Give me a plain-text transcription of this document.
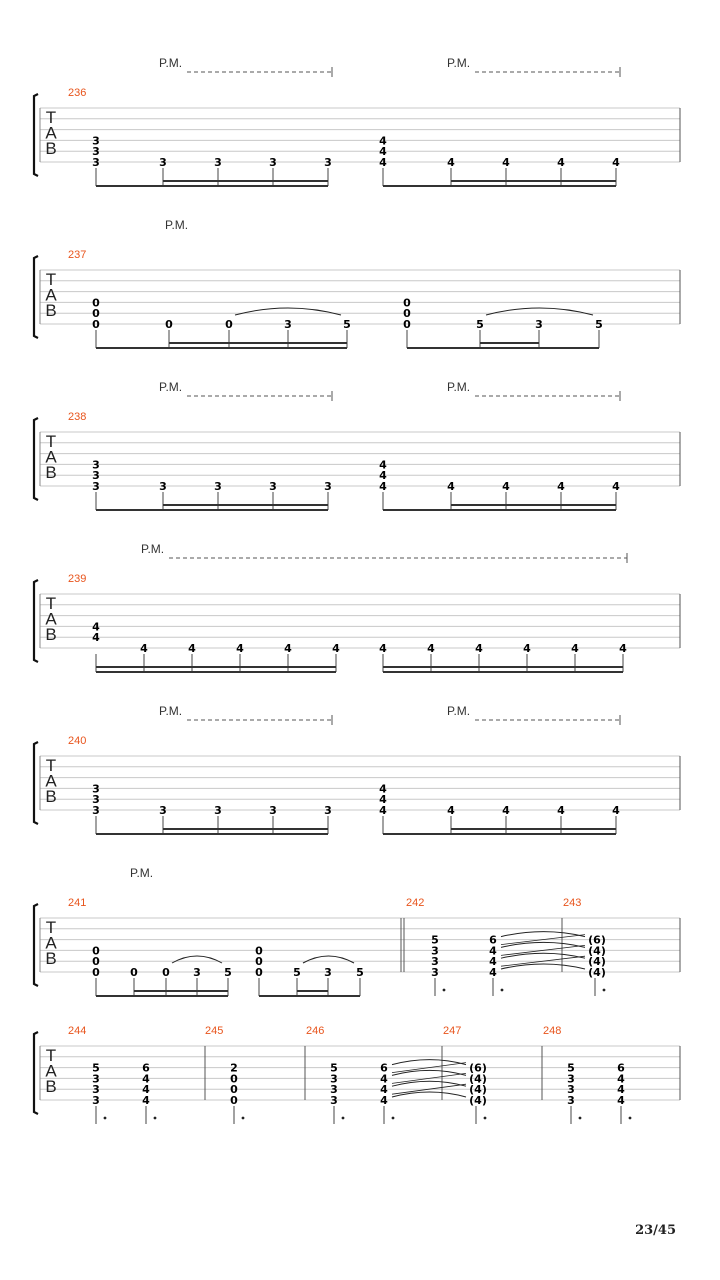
T
A
B
236
P.M.	P.M.
3
3
3	3	3	3	3
4
4
4	4	4	4	4
T
A
B
237
P.M.
0
0
0	0	0	3	5
0
0
0	5	3	5
T
A
B
238
P.M.	P.M.
3
3
3	3	3	3	3
4
4
4	4	4	4	4
T
A
B
239
P.M.
4
4
4	4	4	4	4	4	4	4	4	4	4
T
A
B
240
P.M.	P.M.
3
3
3	3	3	3	3
4
4
4	4	4	4	4
T
A
B
241	242	243
P.M.
0
0
0	0 0 3 5
0
0
0	5 3 5
5
3
3
3
6
4
4
4
(6)
(4)
(4)
(4)
T
A
B
244	245	246	247	248
5
3
3
3
6
4
4
4
2
0
0
0
5
3
3
3
6
4
4
4
(6)
(4)
(4)
(4)
5
3
3
3
6
4
4
4
23/45
